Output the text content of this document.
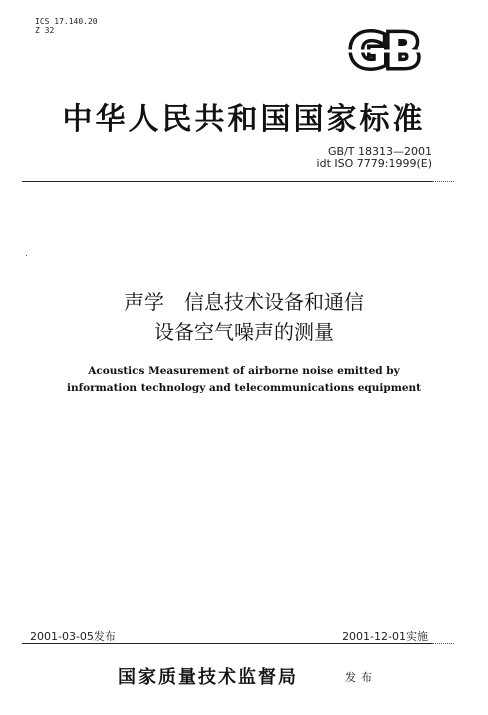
ICS 17.140.20
Z 32	GB
中华人民共和国国家标准
GB/T 18313—2001
idt ISO 7779:1999(E)
声学　信息技术设备和通信
设备空气噪声的测量
Acoustics Measurement of airborne noise emitted by
information technology and telecommunications equipment
2001-03-05发布	2001-12-01实施
国家质量技术监督局	发布
